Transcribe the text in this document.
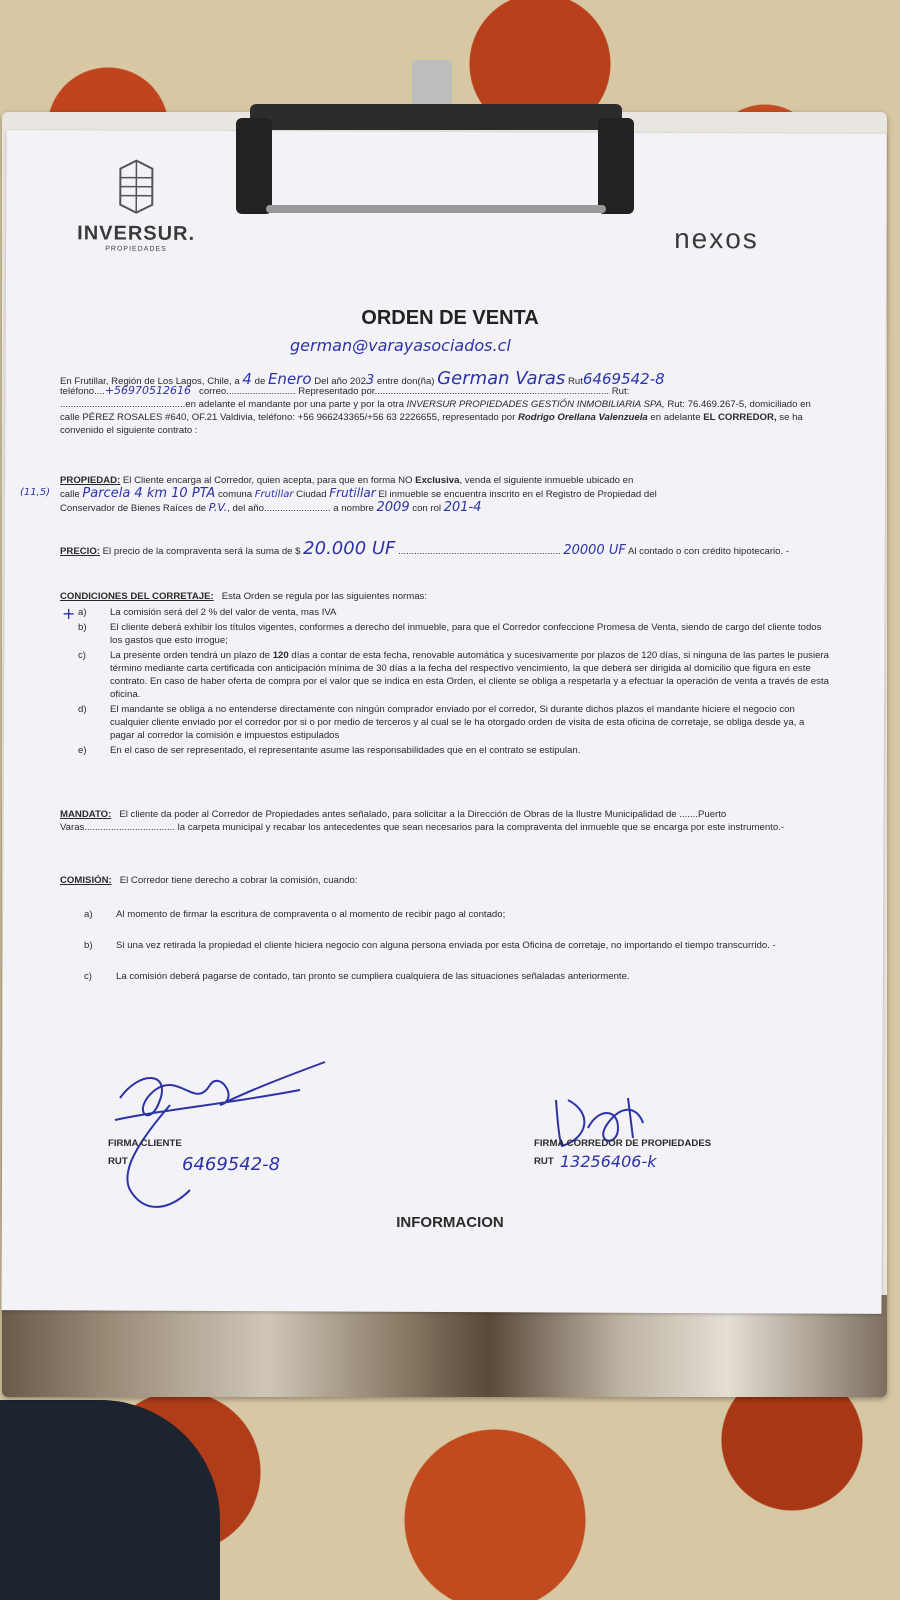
INVERSUR.
PROPIEDADES	nexos
ORDEN DE VENTA
german@varayasociados.cl
En Frutillar, Región de Los Lagos, Chile, a 4 de Enero Del año 2023 entre don(ña) German Varas Rut6469542-8
teléfono....+56970512616 correo.......................... Representado por........................................................................................ Rut:
...............................................en adelante el mandante por una parte y por la otra INVERSUR PROPIEDADES GESTIÓN INMOBILIARIA SPA, Rut: 76.469.267-5, domiciliado en calle PÉREZ ROSALES #640, OF.21 Valdivia, teléfono: +56 966243365/+56 63 2226655, representado por Rodrigo Orellana Valenzuela en adelante EL CORREDOR, se ha convenido el siguiente contrato :
PROPIEDAD: El Cliente encarga al Corredor, quien acepta, para que en forma NO Exclusiva, venda el siguiente inmueble ubicado en
calle Parcela 4 km 10 PTA comuna Frutillar Ciudad Frutillar El inmueble se encuentra inscrito en el Registro de Propiedad del
Conservador de Bienes Raíces de P.V., del año......................... a nombre 2009 con rol 201-4
(11,5)
PRECIO: El precio de la compraventa será la suma de $ 20.000 UF ............................................................. 20000 UF Al contado o con crédito hipotecario. -
CONDICIONES DEL CORRETAJE: Esta Orden se regula por las siguientes normas:
+ a) La comisión será del 2 % del valor de venta, mas IVA
b) El cliente deberá exhibir los títulos vigentes, conformes a derecho del inmueble, para que el Corredor confeccione Promesa de Venta, siendo de cargo del cliente todos los gastos que esto irrogue;
c)	La presente orden tendrá un plazo de 120 días a contar de esta fecha, renovable automática y sucesivamente por plazos de 120 días, si ninguna de las partes le pusiera término mediante carta certificada con anticipación mínima de 30 días a la fecha del respectivo vencimiento, la que deberá ser dirigida al domicilio que figura en este contrato. En caso de haber oferta de compra por el valor que se indica en esta Orden, el cliente se obliga a respetarla y a efectuar la operación de venta a través de esta oficina.
d) El mandante se obliga a no entenderse directamente con ningún comprador enviado por el corredor, Si durante dichos plazos el mandante hiciere el negocio con cualquier cliente enviado por el corredor por si o por medio de terceros y al cual se le ha otorgado orden de visita de esta oficina de corretaje, se obliga desde ya, a pagar al corredor la comisión e impuestos estipulados
e) En el caso de ser representado, el representante asume las responsabilidades que en el contrato se estipulan.
MANDATO: El cliente da poder al Corredor de Propiedades antes señalado, para solicitar a la Dirección de Obras de la Ilustre Municipalidad de .......Puerto Varas.................................. la carpeta municipal y recabar los antecedentes que sean necesarios para la compraventa del inmueble que se encarga por este instrumento.-
COMISIÓN: El Corredor tiene derecho a cobrar la comisión, cuando:
a) Al momento de firmar la escritura de compraventa o al momento de recibir pago al contado;
b) Si una vez retirada la propiedad el cliente hiciera negocio con alguna persona enviada por esta Oficina de corretaje, no importando el tiempo transcurrido. -
c)	La comisión deberá pagarse de contado, tan pronto se cumpliera cualquiera de las situaciones señaladas anteriormente.
FIRMA CLIENTE
RUT	6469542-8
FIRMA CORREDOR DE PROPIEDADES
RUT 13256406-k
INFORMACION
